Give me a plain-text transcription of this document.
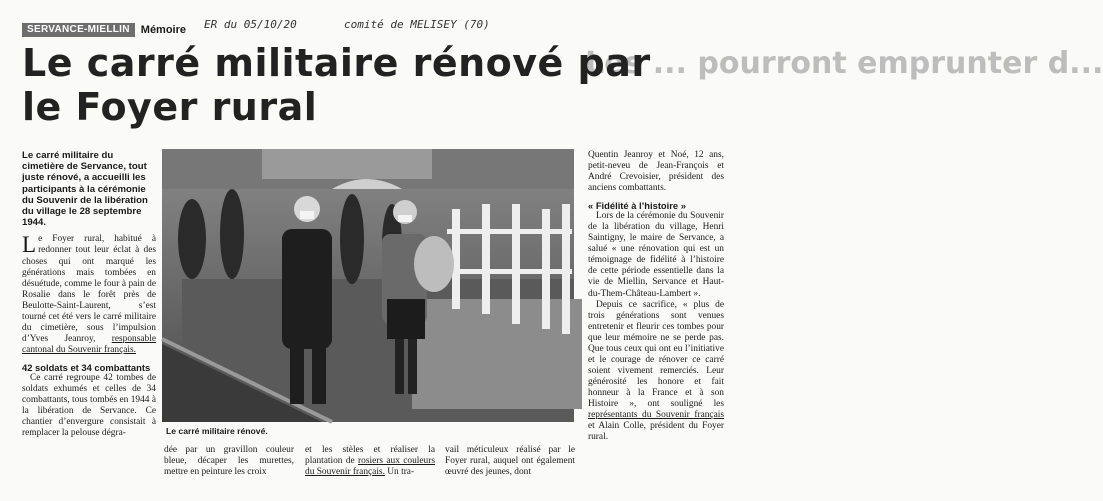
SERVANCE-MIELLIN	Mémoire ER du 05/10/20	comité de MELISEY (70)
Les ... pourront emprunter d...
Le carré militaire rénové par
le Foyer rural

Le carré militaire du cimetière de Servance, tout juste rénové, a accueilli les participants à la cérémonie du Souvenir de la libération du village le 28 septembre 1944.

Le Foyer rural, habitué à redonner tout leur éclat à des choses qui ont marqué les générations mais tombées en désuétude, comme le four à pain de Rosalie dans le forêt près de Beulotte-Saint-Laurent, s’est tourné cet été vers le carré militaire du cimetière, sous l’impulsion d’Yves Jeanroy, responsable cantonal du Souvenir français.

42 soldats et 34 combattants

Ce carré regroupe 42 tombes de soldats exhumés et celles de 34 combattants, tous tombés en 1944 à la libération de Servance. Ce chantier d’envergure consistait à remplacer la pelouse dégra-	Le carré militaire rénové.

dée par un gravillon couleur bleue, décaper les murettes, mettre en peinture les croix

et les stèles et réaliser la plantation de rosiers aux couleurs du Souvenir français. Un tra-

vail méticuleux réalisé par le Foyer rural, auquel ont également œuvré des jeunes, dont

Quentin Jeanroy et Noé, 12 ans, petit-neveu de Jean-François et André Crevoisier, président des anciens combattants.

« Fidélité à l’histoire »

Lors de la cérémonie du Souvenir de la libération du village, Henri Saintigny, le maire de Servance, a salué « une rénovation qui est un témoignage de fidélité à l’histoire de cette période essentielle dans la vie de Miellin, Servance et Haut-du-Them-Château-Lambert ».

Depuis ce sacrifice, « plus de trois générations sont venues entretenir et fleurir ces tombes pour que leur mémoire ne se perde pas. Que tous ceux qui ont eu l’initiative et le courage de rénover ce carré soient vivement remerciés. Leur générosité les honore et fait honneur à la France et à son Histoire », ont souligné les représentants du Souvenir français et Alain Colle, président du Foyer rural.
